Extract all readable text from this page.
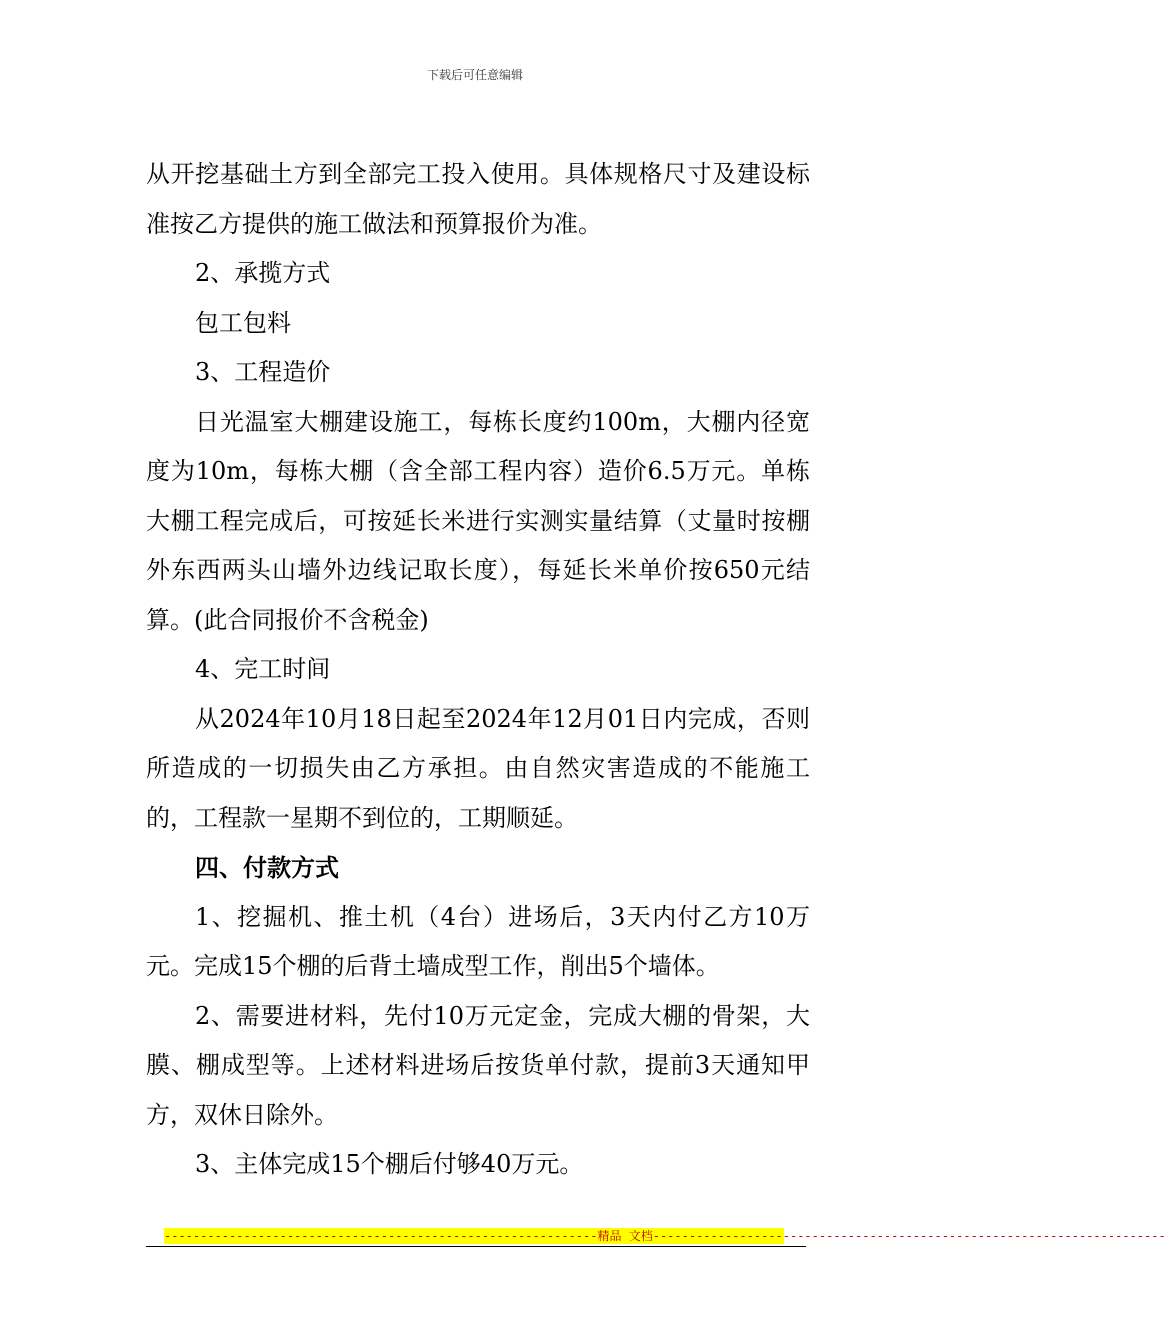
下载后可任意编辑

从开挖基础土方到全部完工投入使用。具体规格尺寸及建设标准按乙方提供的施工做法和预算报价为准。

2、承揽方式

包工包料

3、工程造价

日光温室大棚建设施工，每栋长度约100m，大棚内径宽度为10m，每栋大棚（含全部工程内容）造价6.5万元。单栋大棚工程完成后，可按延长米进行实测实量结算（丈量时按棚外东西两头山墙外边线记取长度），每延长米单价按650元结算。(此合同报价不含税金)

4、完工时间

从2024年10月18日起至2024年12月01日内完成，否则所造成的一切损失由乙方承担。由自然灾害造成的不能施工的，工程款一星期不到位的，工期顺延。

四、付款方式

1、挖掘机、推土机（4台）进场后，3天内付乙方10万元。完成15个棚的后背土墙成型工作，削出5个墙体。

2、需要进材料，先付10万元定金，完成大棚的骨架，大膜、棚成型等。上述材料进场后按货单付款，提前3天通知甲方，双休日除外。

3、主体完成15个棚后付够40万元。

------------------------------------------------------------精品 文档-----------------------------------------------------------------------
